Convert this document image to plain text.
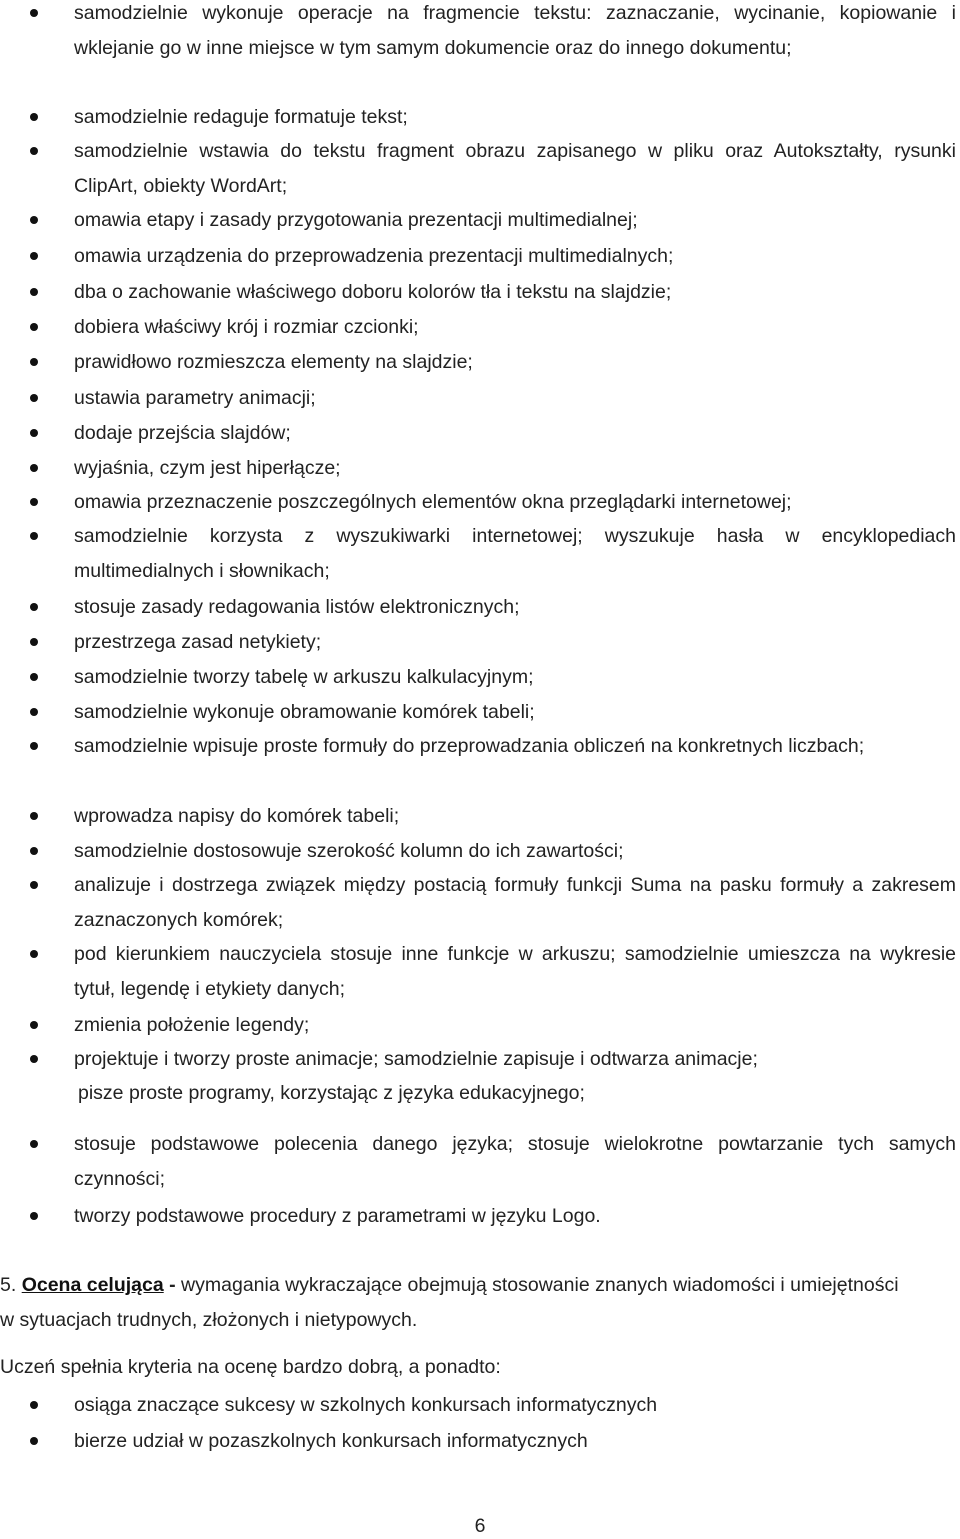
samodzielnie wykonuje operacje na fragmencie tekstu: zaznaczanie, wycinanie, kopiowanie i wklejanie go w inne miejsce w tym samym dokumencie oraz do innego dokumentu;
samodzielnie redaguje formatuje tekst;
samodzielnie wstawia do tekstu fragment obrazu zapisanego w pliku oraz Autokształty, rysunki ClipArt, obiekty WordArt;
omawia etapy i zasady przygotowania prezentacji multimedialnej;
omawia urządzenia do przeprowadzenia prezentacji multimedialnych;
dba o zachowanie właściwego doboru kolorów tła i tekstu na slajdzie;
dobiera właściwy krój i rozmiar czcionki;
prawidłowo rozmieszcza elementy na slajdzie;
ustawia parametry animacji;
dodaje przejścia slajdów;
wyjaśnia, czym jest hiperłącze;
omawia przeznaczenie poszczególnych elementów okna przeglądarki internetowej;
samodzielnie korzysta z wyszukiwarki internetowej; wyszukuje hasła w encyklopediach multimedialnych i słownikach;
stosuje zasady redagowania listów elektronicznych;
przestrzega zasad netykiety;
samodzielnie tworzy tabelę w arkuszu kalkulacyjnym;
samodzielnie wykonuje obramowanie komórek tabeli;
samodzielnie wpisuje proste formuły do przeprowadzania obliczeń na konkretnych liczbach;
wprowadza napisy do komórek tabeli;
samodzielnie dostosowuje szerokość kolumn do ich zawartości;
analizuje i dostrzega związek między postacią formuły funkcji Suma na pasku formuły a zakresem zaznaczonych komórek;
pod kierunkiem nauczyciela stosuje inne funkcje w arkuszu; samodzielnie umieszcza na wykresie tytuł, legendę i etykiety danych;
zmienia położenie legendy;
projektuje i tworzy proste animacje; samodzielnie zapisuje i odtwarza animacje;
pisze proste programy, korzystając z języka edukacyjnego;
stosuje podstawowe polecenia danego języka; stosuje wielokrotne powtarzanie tych samych czynności;
tworzy podstawowe procedury z parametrami w języku Logo.
5. Ocena celująca - wymagania wykraczające obejmują stosowanie znanych wiadomości i umiejętności w sytuacjach trudnych, złożonych i nietypowych.
Uczeń spełnia kryteria na ocenę bardzo dobrą, a ponadto:
osiąga znaczące sukcesy w szkolnych konkursach informatycznych
bierze udział w pozaszkolnych konkursach informatycznych
6
